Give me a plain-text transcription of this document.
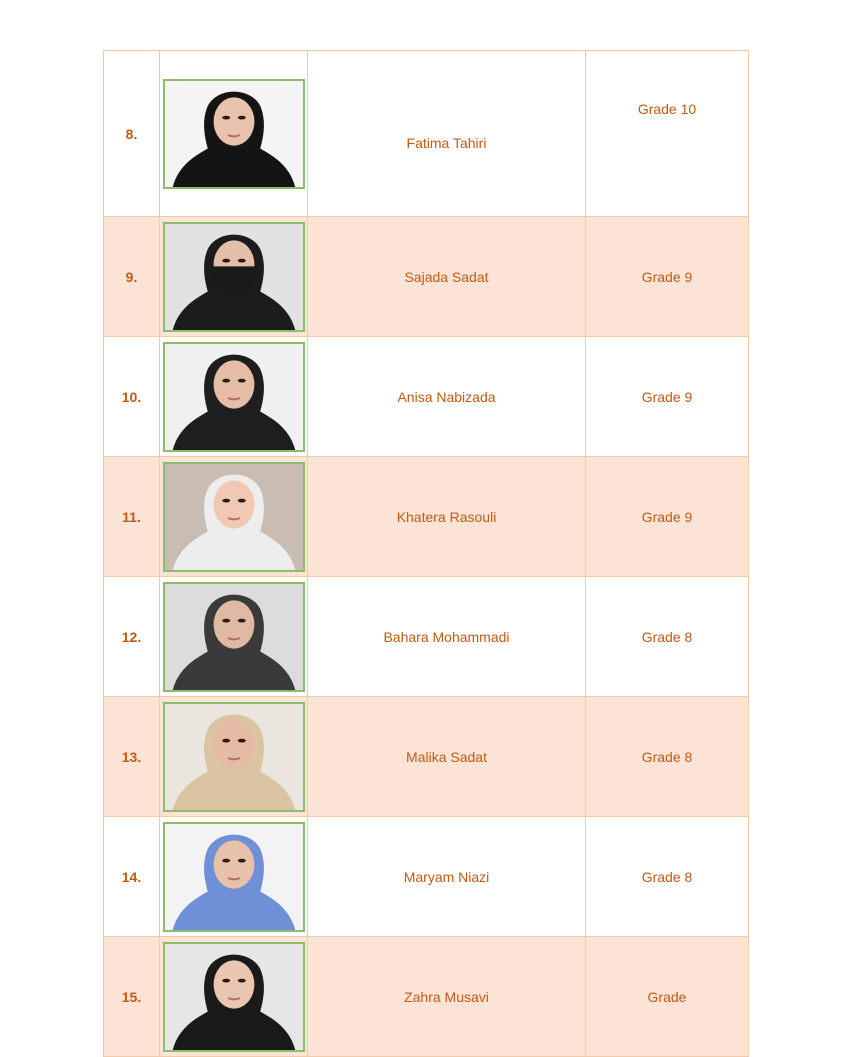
8.		Fatima Tahiri	Grade 10
9.		Sajada Sadat	Grade 9
10.		Anisa Nabizada	Grade 9
11.		Khatera Rasouli	Grade 9
12.		Bahara Mohammadi	Grade 8
13.		Malika Sadat	Grade 8
14.		Maryam Niazi	Grade 8
15.		Zahra Musavi	Grade
